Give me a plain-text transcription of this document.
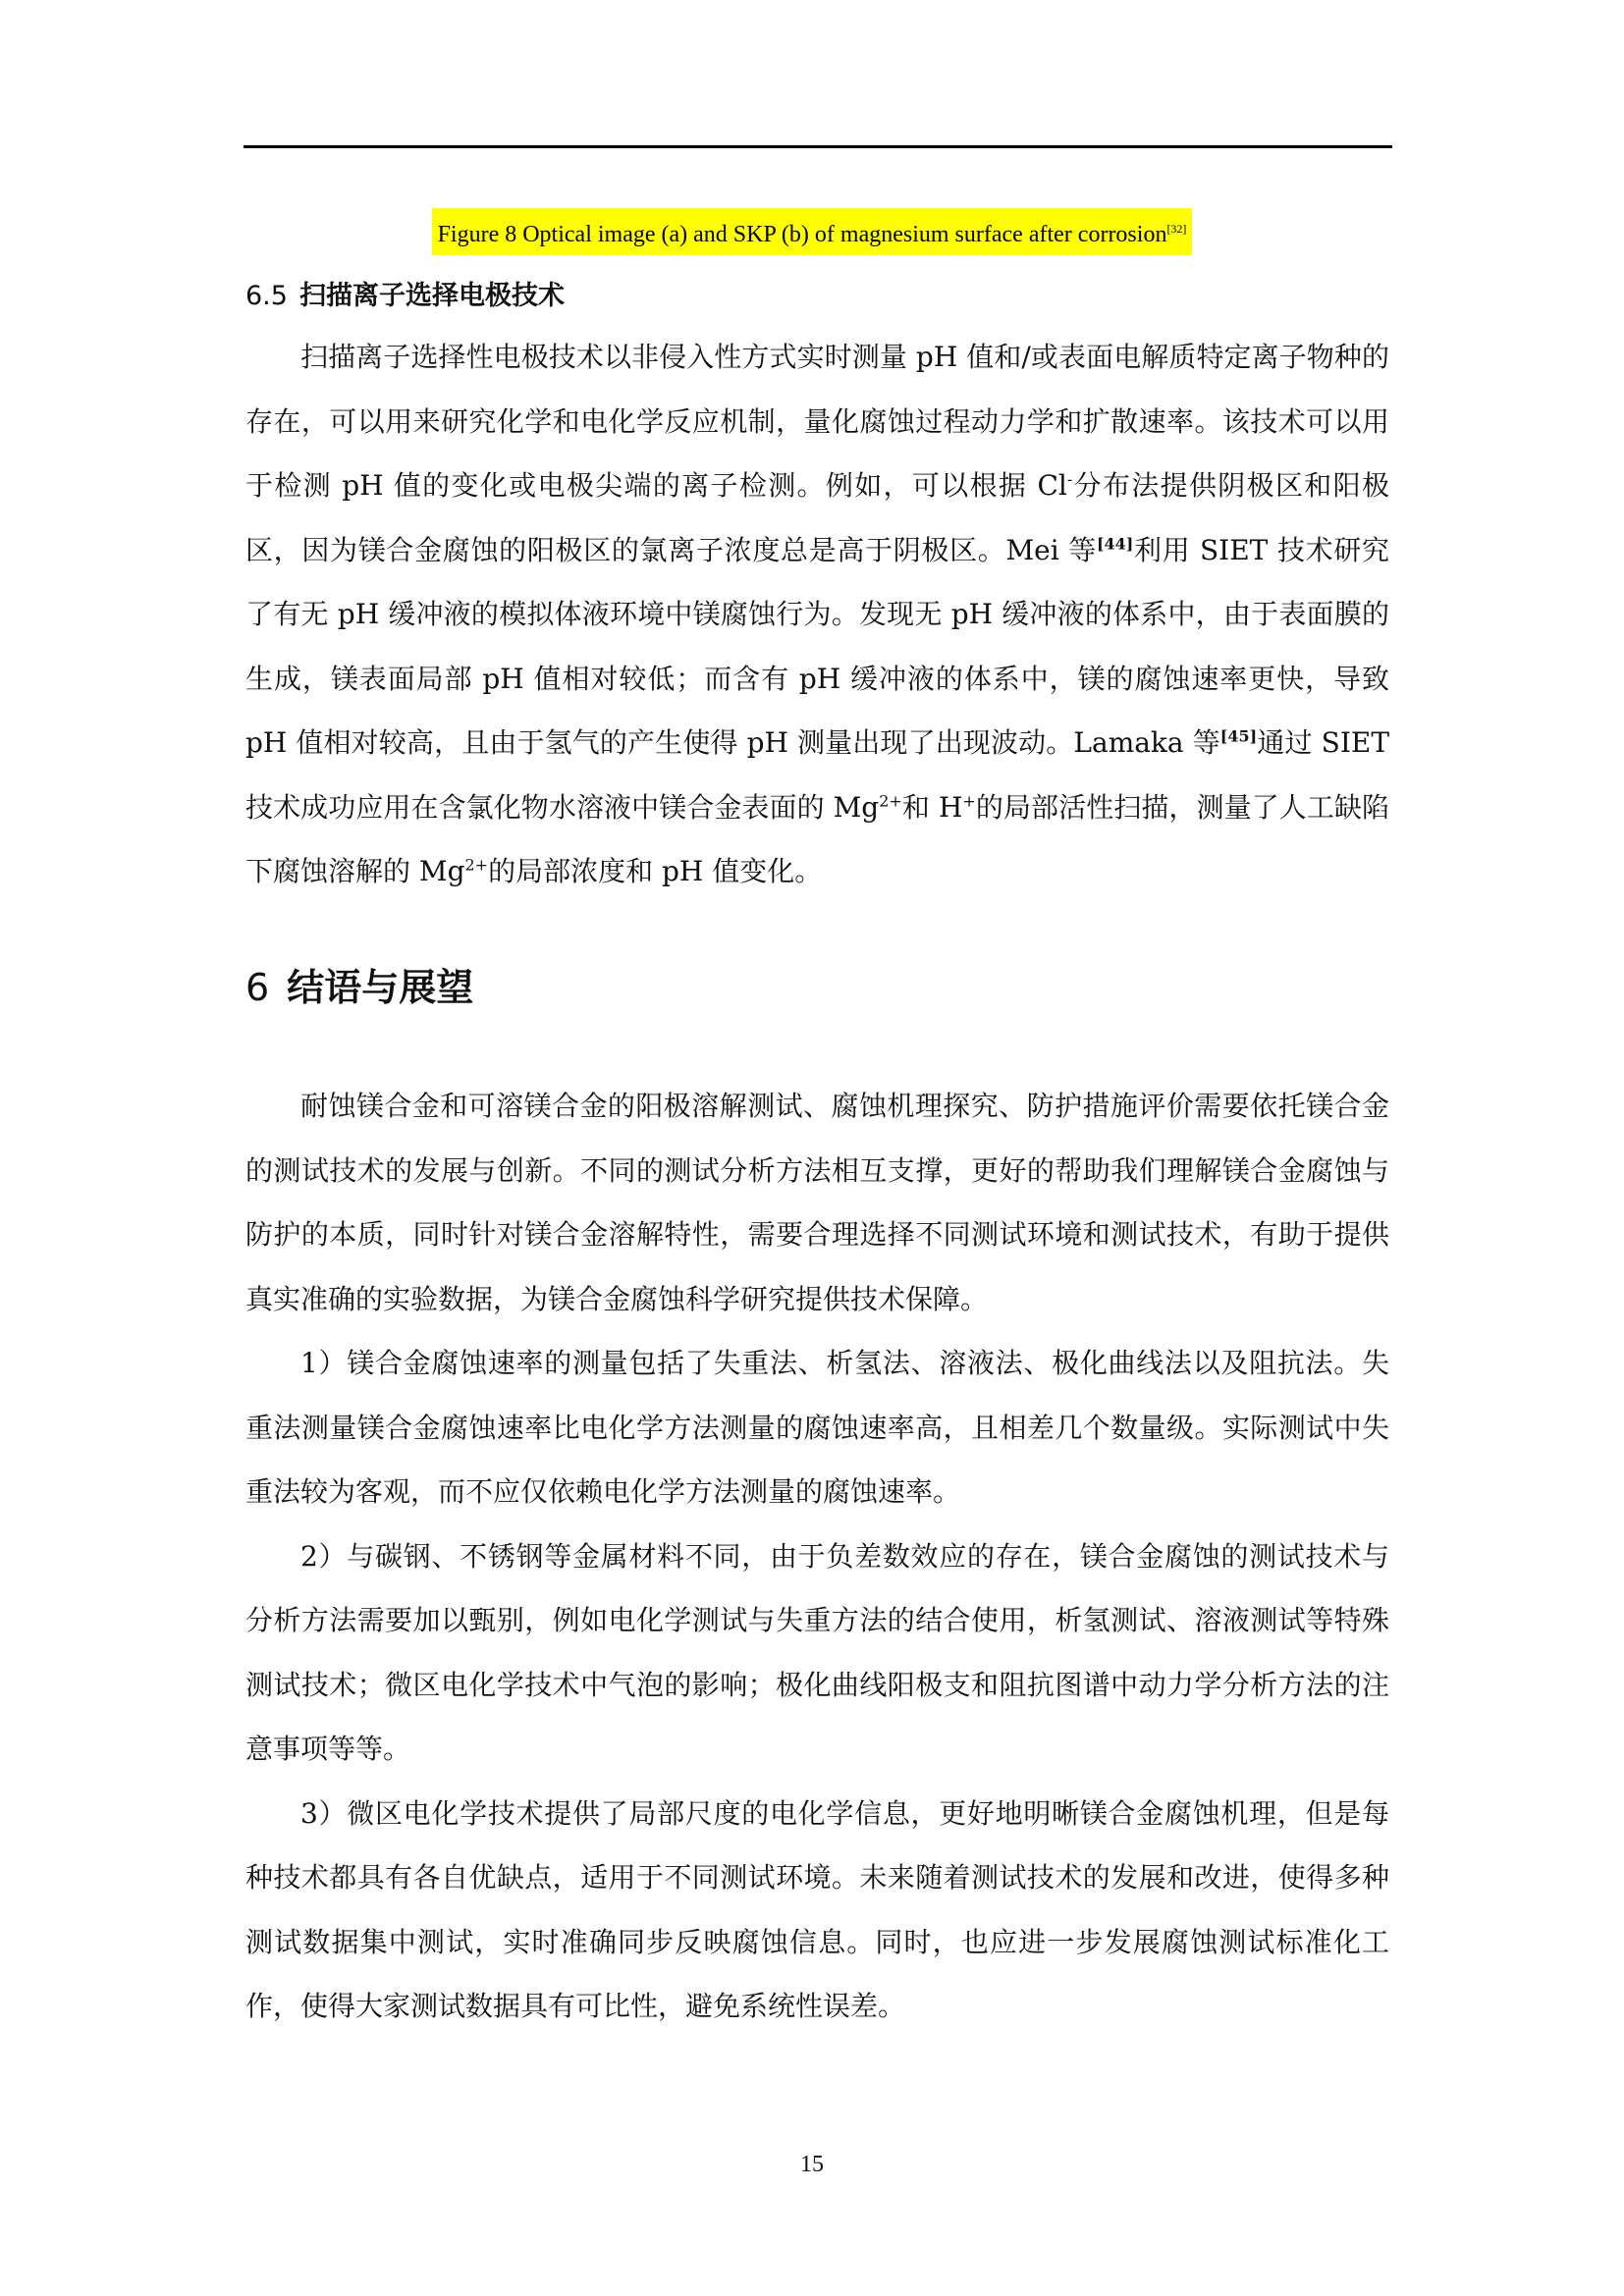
Figure 8 Optical image (a) and SKP (b) of magnesium surface after corrosion[32]
6.5 扫描离子选择电极技术

扫描离子选择性电极技术以非侵入性方式实时测量 pH 值和/或表面电解质特定离子物种的存在，可以用来研究化学和电化学反应机制，量化腐蚀过程动力学和扩散速率。该技术可以用于检测 pH 值的变化或电极尖端的离子检测。例如，可以根据 Cl-分布法提供阴极区和阳极区，因为镁合金腐蚀的阳极区的氯离子浓度总是高于阴极区。Mei 等[44]利用 SIET 技术研究了有无 pH 缓冲液的模拟体液环境中镁腐蚀行为。发现无 pH 缓冲液的体系中，由于表面膜的生成，镁表面局部 pH 值相对较低；而含有 pH 缓冲液的体系中，镁的腐蚀速率更快，导致 pH 值相对较高，且由于氢气的产生使得 pH 测量出现了出现波动。Lamaka 等[45]通过 SIET 技术成功应用在含氯化物水溶液中镁合金表面的 $Mg^{2+}$和 H+的局部活性扫描，测量了人工缺陷下腐蚀溶解的 $Mg^{2+}$的局部浓度和 pH 值变化。

6 结语与展望

耐蚀镁合金和可溶镁合金的阳极溶解测试、腐蚀机理探究、防护措施评价需要依托镁合金的测试技术的发展与创新。不同的测试分析方法相互支撑，更好的帮助我们理解镁合金腐蚀与防护的本质，同时针对镁合金溶解特性，需要合理选择不同测试环境和测试技术，有助于提供真实准确的实验数据，为镁合金腐蚀科学研究提供技术保障。

1）镁合金腐蚀速率的测量包括了失重法、析氢法、溶液法、极化曲线法以及阻抗法。失重法测量镁合金腐蚀速率比电化学方法测量的腐蚀速率高，且相差几个数量级。实际测试中失重法较为客观，而不应仅依赖电化学方法测量的腐蚀速率。

2）与碳钢、不锈钢等金属材料不同，由于负差数效应的存在，镁合金腐蚀的测试技术与分析方法需要加以甄别，例如电化学测试与失重方法的结合使用，析氢测试、溶液测试等特殊测试技术；微区电化学技术中气泡的影响；极化曲线阳极支和阻抗图谱中动力学分析方法的注意事项等等。

3）微区电化学技术提供了局部尺度的电化学信息，更好地明晰镁合金腐蚀机理，但是每种技术都具有各自优缺点，适用于不同测试环境。未来随着测试技术的发展和改进，使得多种测试数据集中测试，实时准确同步反映腐蚀信息。同时，也应进一步发展腐蚀测试标准化工作，使得大家测试数据具有可比性，避免系统性误差。

15
